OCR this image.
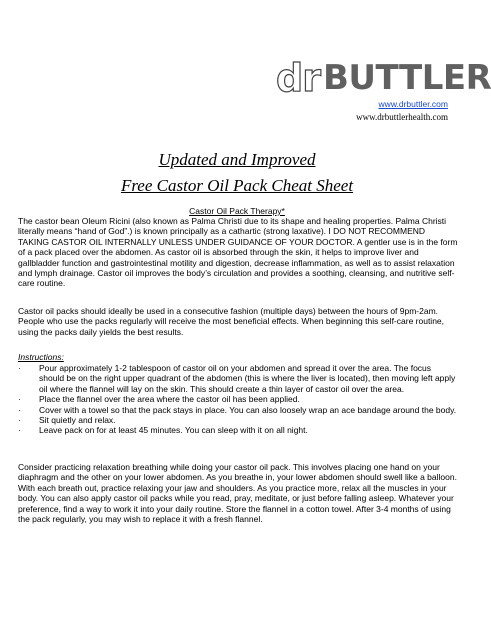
dr BUTTLER
www.drbuttler.com
www.drbuttlerhealth.com
Updated and Improved
Free Castor Oil Pack Cheat Sheet
Castor Oil Pack Therapy*

The castor bean Oleum Ricini (also known as Palma Christi due to its shape and healing properties. Palma Christi literally means “hand of God”.) is known principally as a cathartic (strong laxative). I DO NOT RECOMMEND TAKING CASTOR OIL INTERNALLY UNLESS UNDER GUIDANCE OF YOUR DOCTOR. A gentler use is in the form of a pack placed over the abdomen. As castor oil is absorbed through the skin, it helps to improve liver and gallbladder function and gastrointestinal motility and digestion, decrease inflammation, as well as to assist relaxation and lymph drainage. Castor oil improves the body’s circulation and provides a soothing, cleansing, and nutritive self-care routine.

Castor oil packs should ideally be used in a consecutive fashion (multiple days) between the hours of 9pm-2am. People who use the packs regularly will receive the most beneficial effects. When beginning this self-care routine, using the packs daily yields the best results.

Instructions:
· Pour approximately 1-2 tablespoon of castor oil on your abdomen and spread it over the area. The focus should be on the right upper quadrant of the abdomen (this is where the liver is located), then moving left apply oil where the flannel will lay on the skin. This should create a thin layer of castor oil over the area.
· Place the flannel over the area where the castor oil has been applied.
· Cover with a towel so that the pack stays in place. You can also loosely wrap an ace bandage around the body.
· Sit quietly and relax.
· Leave pack on for at least 45 minutes. You can sleep with it on all night.

Consider practicing relaxation breathing while doing your castor oil pack. This involves placing one hand on your diaphragm and the other on your lower abdomen. As you breathe in, your lower abdomen should swell like a balloon. With each breath out, practice relaxing your jaw and shoulders. As you practice more, relax all the muscles in your body. You can also apply castor oil packs while you read, pray, meditate, or just before falling asleep. Whatever your preference, find a way to work it into your daily routine. Store the flannel in a cotton towel. After 3-4 months of using the pack regularly, you may wish to replace it with a fresh flannel.
